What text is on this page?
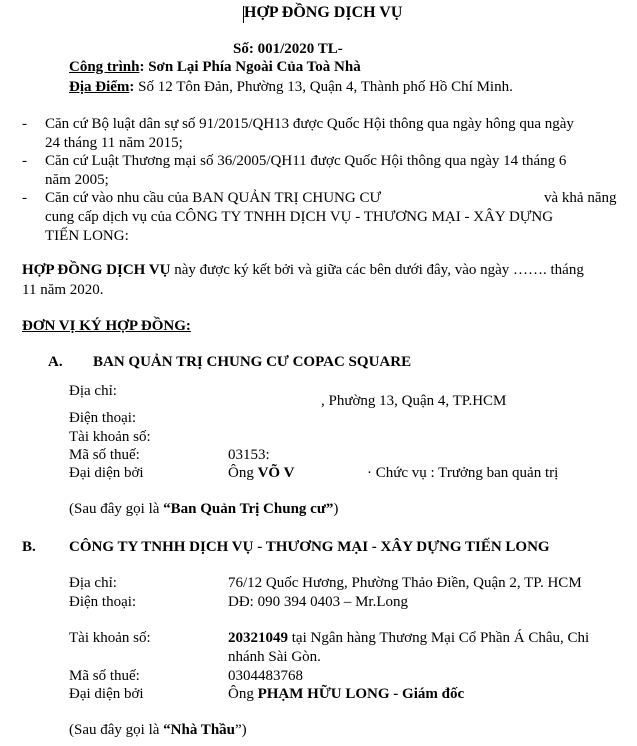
HỢP ĐỒNG DỊCH VỤ
Số: 001/2020 TL-
Công trình: Sơn Lại Phía Ngoài Của Toà Nhà
Địa Điểm: Số 12 Tôn Đản, Phường 13, Quận 4, Thành phố Hồ Chí Minh.
- Căn cứ Bộ luật dân sự số 91/2015/QH13 được Quốc Hội thông qua ngày hông qua ngày
24 tháng 11 năm 2015;
- Căn cứ Luật Thương mại số 36/2005/QH11 được Quốc Hội thông qua ngày 14 tháng 6
năm 2005;
- Căn cứ vào nhu cầu của BAN QUẢN TRỊ CHUNG CƯ	và khả năng
cung cấp dịch vụ của CÔNG TY TNHH DỊCH VỤ - THƯƠNG MẠI - XÂY DỰNG
TIẾN LONG:
HỢP ĐỒNG DỊCH VỤ này được ký kết bởi và giữa các bên dưới đây, vào ngày ……. tháng
11 năm 2020.
ĐƠN VỊ KÝ HỢP ĐỒNG:
A. BAN QUẢN TRỊ CHUNG CƯ COPAC SQUARE
Địa chỉ:
, Phường 13, Quận 4, TP.HCM
Điện thoại:
Tài khoản số:
Mã số thuế:	03153:
Đại diện bởi	Ông VÕ V	· Chức vụ : Trưởng ban quản trị
(Sau đây gọi là “Ban Quản Trị Chung cư”)
B. CÔNG TY TNHH DỊCH VỤ - THƯƠNG MẠI - XÂY DỰNG TIẾN LONG
Địa chỉ:	76/12 Quốc Hương, Phường Thảo Điền, Quận 2, TP. HCM
Điện thoại:	DĐ: 090 394 0403 – Mr.Long
Tài khoản số:	20321049 tại Ngân hàng Thương Mại Cổ Phần Á Châu, Chi
nhánh Sài Gòn.
Mã số thuế:	0304483768
Đại diện bởi	Ông PHẠM HỮU LONG - Giám đốc
(Sau đây gọi là “Nhà Thầu”)
